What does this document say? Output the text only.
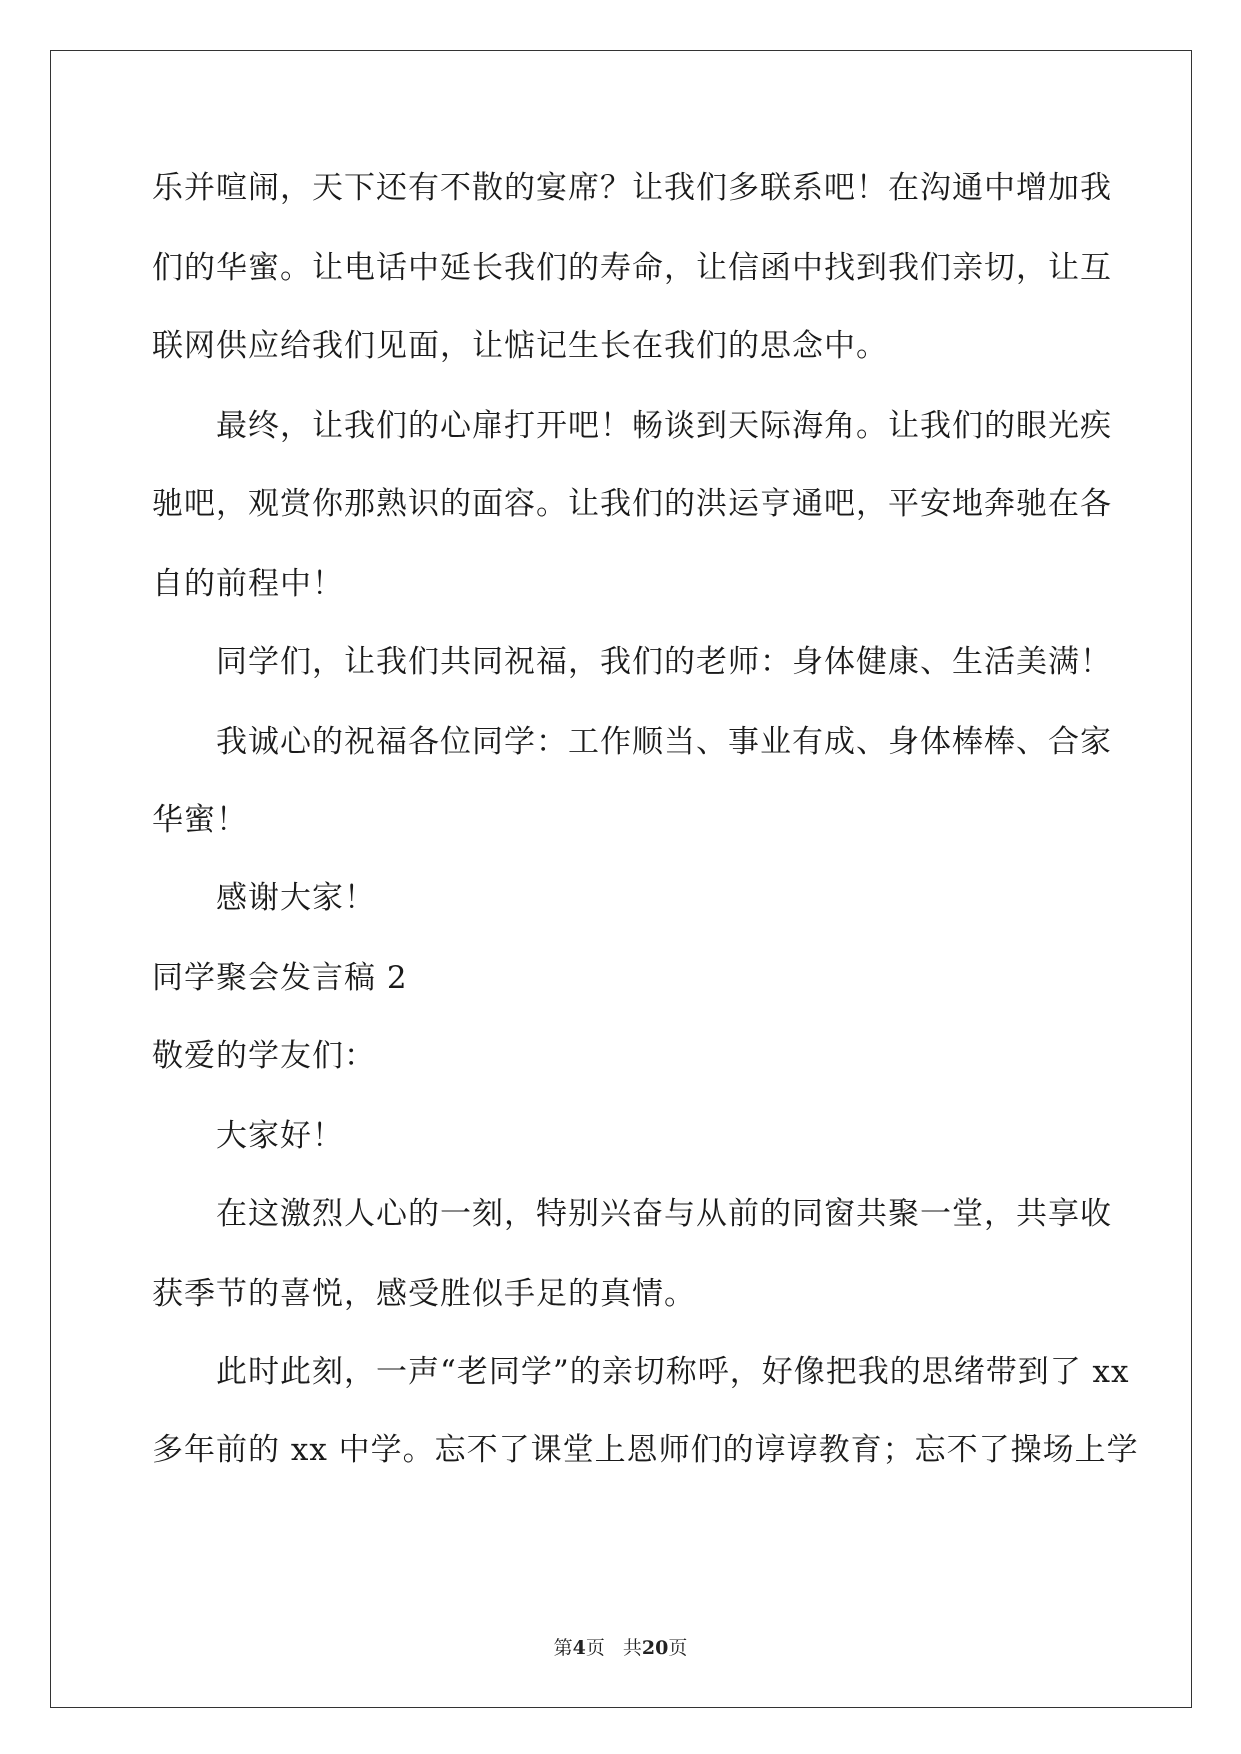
乐并喧闹，天下还有不散的宴席？让我们多联系吧！在沟通中增加我
们的华蜜。让电话中延长我们的寿命，让信函中找到我们亲切，让互
联网供应给我们见面，让惦记生长在我们的思念中。
最终，让我们的心扉打开吧！畅谈到天际海角。让我们的眼光疾
驰吧，观赏你那熟识的面容。让我们的洪运亨通吧，平安地奔驰在各
自的前程中！
同学们，让我们共同祝福，我们的老师：身体健康、生活美满！
我诚心的祝福各位同学：工作顺当、事业有成、身体棒棒、合家
华蜜！
感谢大家！
同学聚会发言稿 2
敬爱的学友们：
大家好！
在这激烈人心的一刻，特别兴奋与从前的同窗共聚一堂，共享收
获季节的喜悦，感受胜似手足的真情。
此时此刻，一声“老同学”的亲切称呼，好像把我的思绪带到了 xx
多年前的 xx 中学。忘不了课堂上恩师们的谆谆教育；忘不了操场上学
第4页 共20页
